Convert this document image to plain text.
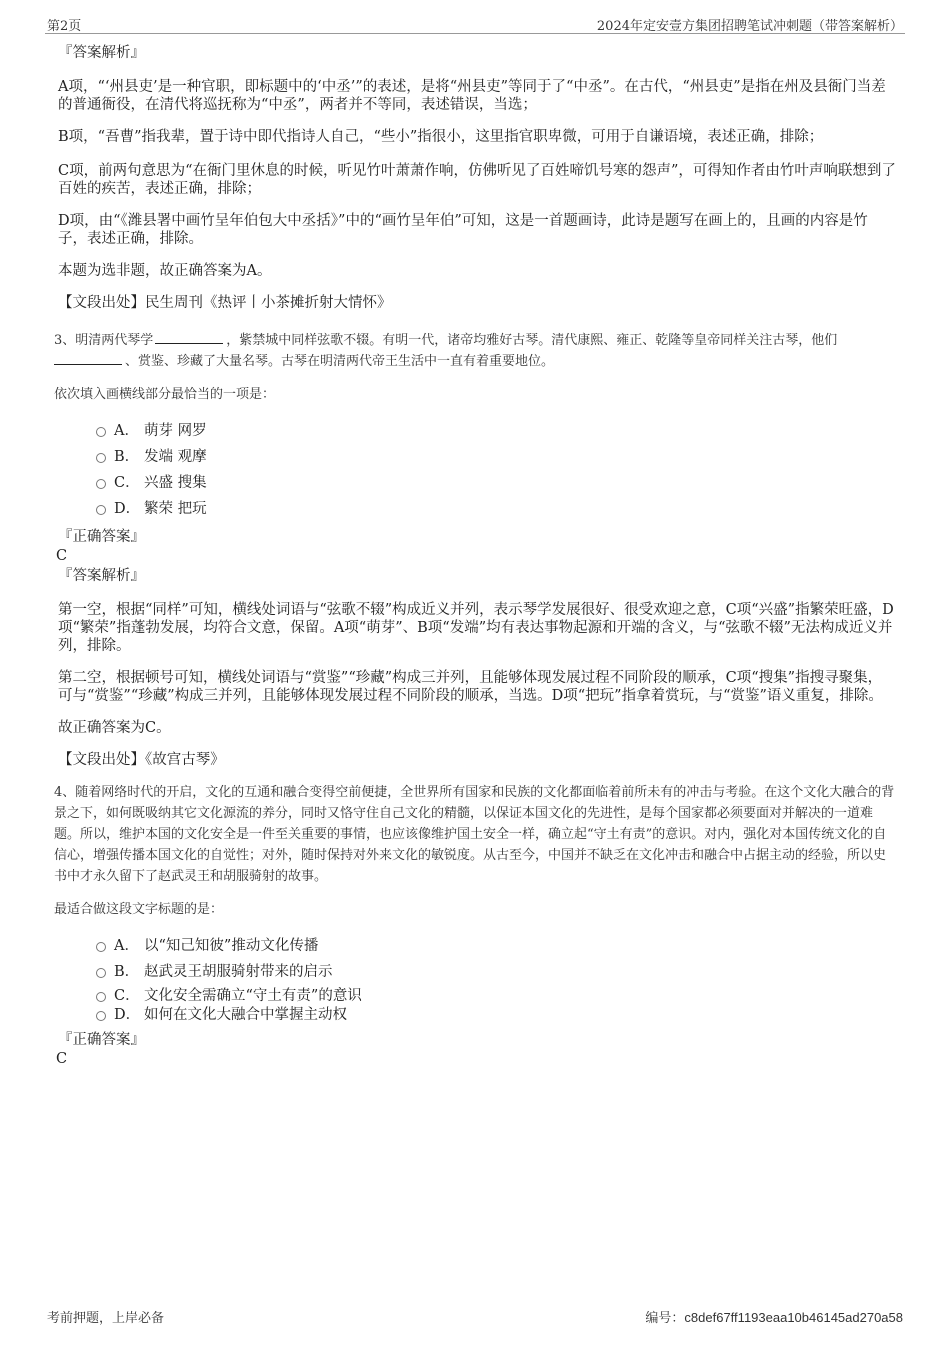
第2页	2024年定安壹方集团招聘笔试冲刺题（带答案解析）
『答案解析』
A项，“‘州县吏’是一种官职，即标题中的‘中丞’”的表述，是将“州县吏”等同于了“中丞”。在古代，“州县吏”是指在州及县衙门当差的普通衙役，在清代将巡抚称为“中丞”，两者并不等同，表述错误，当选；
B项，“吾曹”指我辈，置于诗中即代指诗人自己，“些小”指很小，这里指官职卑微，可用于自谦语境，表述正确，排除；
C项，前两句意思为“在衙门里休息的时候，听见竹叶萧萧作响，仿佛听见了百姓啼饥号寒的怨声”，可得知作者由竹叶声响联想到了百姓的疾苦，表述正确，排除；
D项，由“《潍县署中画竹呈年伯包大中丞括》”中的“画竹呈年伯”可知，这是一首题画诗，此诗是题写在画上的，且画的内容是竹子，表述正确，排除。
本题为选非题，故正确答案为A。
【文段出处】民生周刊《热评丨小茶摊折射大情怀》
3、明清两代琴学	，紫禁城中同样弦歌不辍。有明一代，诸帝均雅好古琴。清代康熙、雍正、乾隆等皇帝同样关注古琴，他们
、赏鉴、珍藏了大量名琴。古琴在明清两代帝王生活中一直有着重要地位。
依次填入画横线部分最恰当的一项是：
A． 萌芽 网罗
B． 发端 观摩
C． 兴盛 搜集
D． 繁荣 把玩
『正确答案』
C
『答案解析』
第一空，根据“同样”可知，横线处词语与“弦歌不辍”构成近义并列，表示琴学发展很好、很受欢迎之意，C项“兴盛”指繁荣旺盛，D项“繁荣”指蓬勃发展，均符合文意，保留。A项“萌芽”、B项“发端”均有表达事物起源和开端的含义，与“弦歌不辍”无法构成近义并列，排除。
第二空，根据顿号可知，横线处词语与“赏鉴”“珍藏”构成三并列，且能够体现发展过程不同阶段的顺承，C项“搜集”指搜寻聚集，可与“赏鉴”“珍藏”构成三并列，且能够体现发展过程不同阶段的顺承，当选。D项“把玩”指拿着赏玩，与“赏鉴”语义重复，排除。
故正确答案为C。
【文段出处】《故宫古琴》
4、随着网络时代的开启，文化的互通和融合变得空前便捷，全世界所有国家和民族的文化都面临着前所未有的冲击与考验。在这个文化大融合的背景之下，如何既吸纳其它文化源流的养分，同时又恪守住自己文化的精髓，以保证本国文化的先进性，是每个国家都必须要面对并解决的一道难题。所以，维护本国的文化安全是一件至关重要的事情，也应该像维护国土安全一样，确立起“守土有责”的意识。对内，强化对本国传统文化的自信心，增强传播本国文化的自觉性；对外，随时保持对外来文化的敏锐度。从古至今，中国并不缺乏在文化冲击和融合中占据主动的经验，所以史书中才永久留下了赵武灵王和胡服骑射的故事。
最适合做这段文字标题的是：
A． 以“知己知彼”推动文化传播
B． 赵武灵王胡服骑射带来的启示
C． 文化安全需确立“守土有责”的意识
D． 如何在文化大融合中掌握主动权
『正确答案』
C
考前押题，上岸必备	编号：c8def67ff1193eaa10b46145ad270a58
